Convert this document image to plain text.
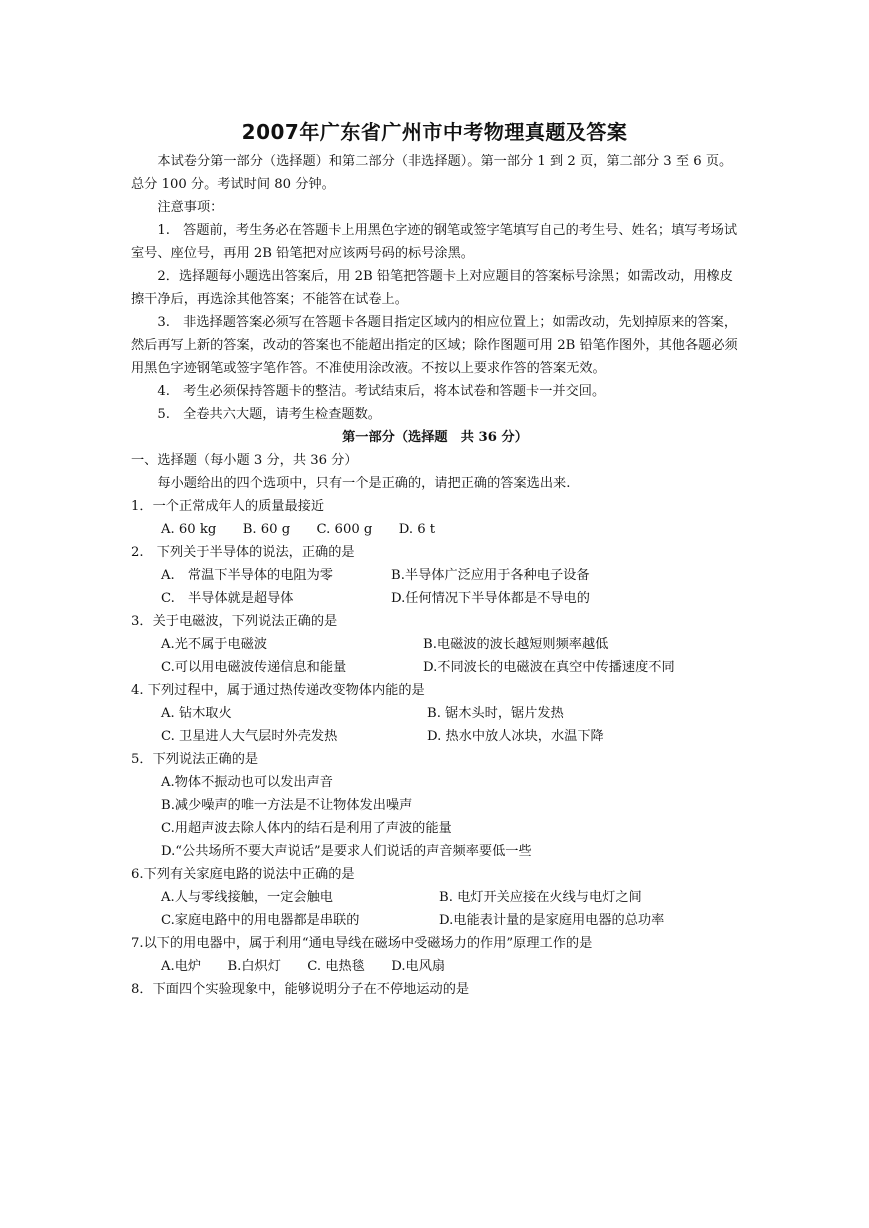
2007年广东省广州市中考物理真题及答案

本试卷分第一部分（选择题）和第二部分（非选择题）。第一部分 1 到 2 页，第二部分 3 至 6 页。总分 100 分。考试时间 80 分钟。

注意事项：

1.　答题前，考生务必在答题卡上用黑色字迹的钢笔或签字笔填写自己的考生号、姓名；填写考场试室号、座位号，再用 2B 铅笔把对应该两号码的标号涂黑。

2．选择题每小题选出答案后，用 2B 铅笔把答题卡上对应题目的答案标号涂黑；如需改动，用橡皮擦干净后，再选涂其他答案；不能答在试卷上。

3.　非选择题答案必须写在答题卡各题目指定区域内的相应位置上；如需改动，先划掉原来的答案，然后再写上新的答案，改动的答案也不能超出指定的区域；除作图题可用 2B 铅笔作图外，其他各题必须用黑色字迹钢笔或签字笔作答。不准使用涂改液。不按以上要求作答的答案无效。

4.　考生必须保持答题卡的整洁。考试结束后，将本试卷和答题卡一并交回。

5.　全卷共六大题，请考生检查题数。

第一部分（选择题　共 36 分）

一、选择题（每小题 3 分，共 36 分）

每小题给出的四个选项中，只有一个是正确的，请把正确的答案选出来.

1．一个正常成年人的质量最接近

A. 60 kg　　B. 60 g　　C. 600 g　　D. 6 t

2.　下列关于半导体的说法，正确的是

A.　常温下半导体的电阻为零	B.半导体广泛应用于各种电子设备
C.　半导体就是超导体	D.任何情况下半导体都是不导电的

3．关于电磁波，下列说法正确的是

A.光不属于电磁波	B.电磁波的波长越短则频率越低
C.可以用电磁波传递信息和能量	D.不同波长的电磁波在真空中传播速度不同

4. 下列过程中，属于通过热传递改变物体内能的是

A. 钻木取火	B. 锯木头时，锯片发热
C. 卫星进人大气层时外壳发热	D. 热水中放人冰块，水温下降

5．下列说法正确的是

A.物体不振动也可以发出声音

B.减少噪声的唯一方法是不让物体发出噪声

C.用超声波去除人体内的结石是利用了声波的能量

D.“公共场所不要大声说话”是要求人们说话的声音频率要低一些

6.下列有关家庭电路的说法中正确的是

A.人与零线接触，一定会触电	B. 电灯开关应接在火线与电灯之间
C.家庭电路中的用电器都是串联的	D.电能表计量的是家庭用电器的总功率

7.以下的用电器中，属于利用“通电导线在磁场中受磁场力的作用”原理工作的是

A.电炉　　B.白炽灯　　C. 电热毯　　D.电风扇

8．下面四个实验现象中，能够说明分子在不停地运动的是
